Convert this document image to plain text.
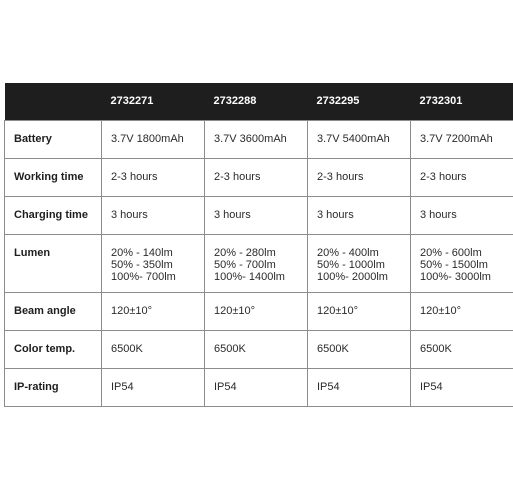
	2732271	2732288	2732295	2732301
Battery	3.7V 1800mAh	3.7V 3600mAh	3.7V 5400mAh	3.7V 7200mAh

Working time	2-3 hours	2-3 hours	2-3 hours	2-3 hours

Charging time	3 hours	3 hours	3 hours	3 hours

Lumen	20% - 140lm
50% - 350lm
100%- 700lm	20% - 280lm
50% - 700lm
100%- 1400lm	20% - 400lm
50% - 1000lm
100%- 2000lm	20% - 600lm
50% - 1500lm
100%- 3000lm

Beam angle	120±10°	120±10°	120±10°	120±10°

Color temp.	6500K	6500K	6500K	6500K

IP-rating	IP54	IP54	IP54	IP54
